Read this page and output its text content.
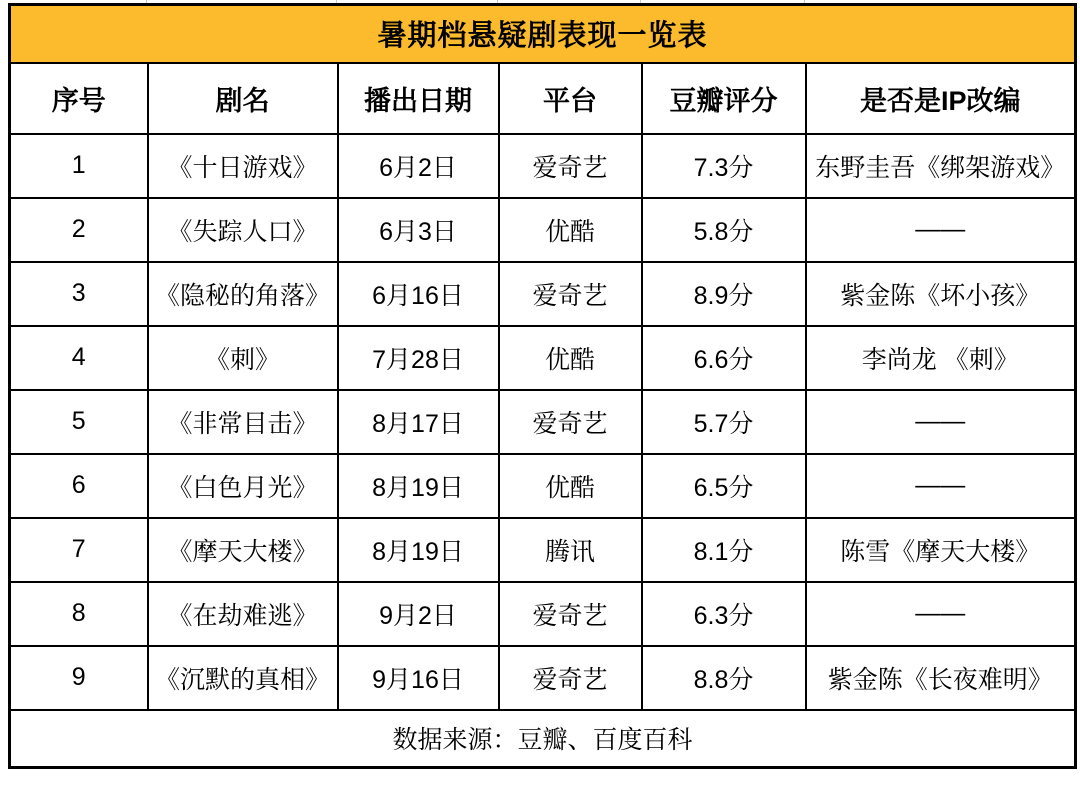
暑期档悬疑剧表现一览表					
序号	剧名	播出日期	平台	豆瓣评分	是否是IP改编
1	《十日游戏》	6月2日	爱奇艺	7.3分	东野圭吾《绑架游戏》
2	《失踪人口》	6月3日	优酷	5.8分	——
3	《隐秘的角落》	6月16日	爱奇艺	8.9分	紫金陈《坏小孩》
4	《刺》	7月28日	优酷	6.6分	李尚龙 《刺》
5	《非常目击》	8月17日	爱奇艺	5.7分	——
6	《白色月光》	8月19日	优酷	6.5分	——
7	《摩天大楼》	8月19日	腾讯	8.1分	陈雪《摩天大楼》
8	《在劫难逃》	9月2日	爱奇艺	6.3分	——
9	《沉默的真相》	9月16日	爱奇艺	8.8分	紫金陈《长夜难明》
数据来源：豆瓣、百度百科					
